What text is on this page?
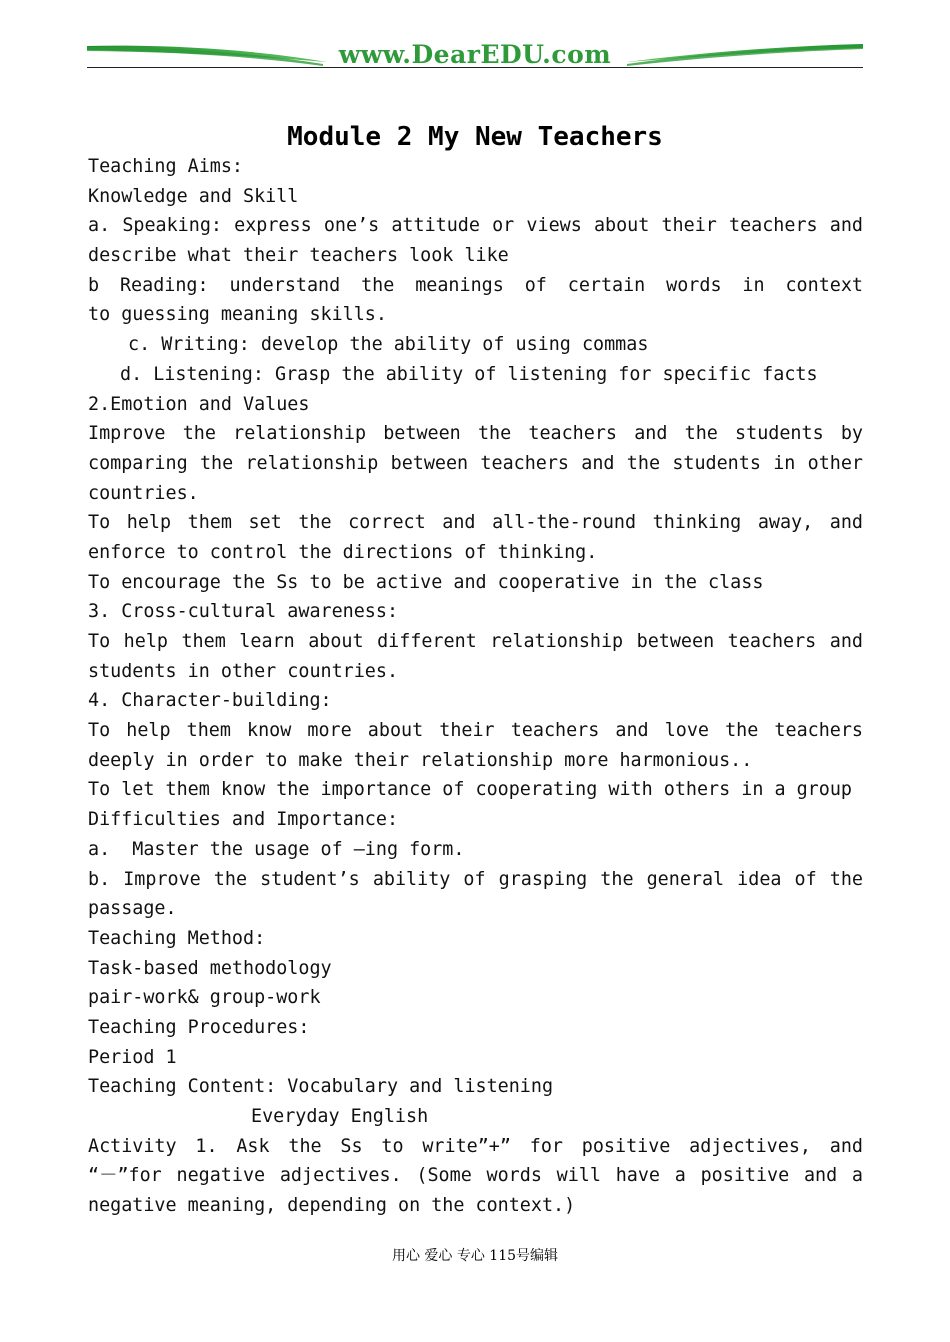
www.DearEDU.com
Module 2 My New Teachers
Teaching Aims:
Knowledge and Skill
a. Speaking: express one’s attitude or views about their teachers and
describe what their teachers look like
b Reading: understand the meanings of certain words in context
to guessing meaning skills.
c. Writing: develop the ability of using commas
d. Listening: Grasp the ability of listening for specific facts
2.Emotion and Values
Improve the relationship between the teachers and the students by
comparing the relationship between teachers and the students in other
countries.
To help them set the correct and all-the-round thinking away, and
enforce to control the directions of thinking.
To encourage the Ss to be active and cooperative in the class
3. Cross-cultural awareness:
To help them learn about different relationship between teachers and
students in other countries.
4. Character-building:
To help them know more about their teachers and love the teachers
deeply in order to make their relationship more harmonious..
To let them know the importance of cooperating with others in a group
Difficulties and Importance:
a.  Master the usage of –ing form.
b. Improve the student’s ability of grasping the general idea of the
passage.
Teaching Method:
Task-based methodology
pair-work& group-work
Teaching Procedures:
Period 1
Teaching Content: Vocabulary and listening
Everyday English
Activity 1. Ask the Ss to write”+” for positive adjectives, and
“－”for negative adjectives. (Some words will have a positive and a
negative meaning, depending on the context.)
用心 爱心 专心 115号编辑
